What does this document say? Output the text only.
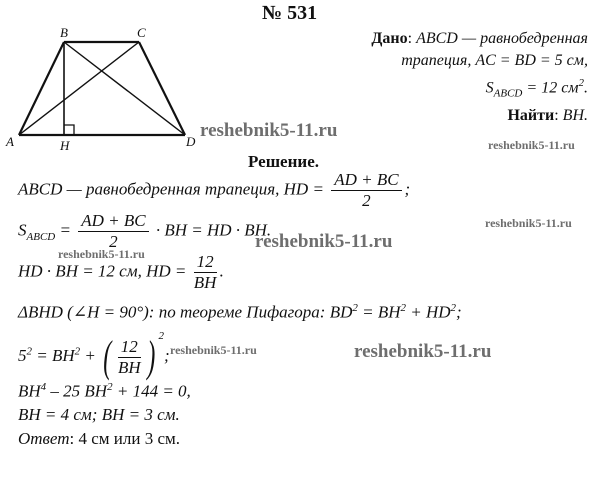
№ 531
B	C
A	H	D
Дано: ABCD — равнобедренная
трапеция, AC = BD = 5 см,
$S_{ABCD} = 12$ $см^2$.
Найти: BH.
reshebnik5-11.ru
reshebnik5-11.ru
reshebnik5-11.ru
reshebnik5-11.ru
reshebnik5-11.ru
reshebnik5-11.ru	reshebnik5-11.ru
Решение.
ABCD — равнобедренная трапеция, HD = $\frac{AD + BC}{2}$ ;
$S_{ABCD} = \frac{AD + BC}{2}$ · BH = HD · BH.
HD · BH = 12 см, HD = $\frac{12}{BH}$ .
ΔBHD (∠H = 90°): по теореме Пифагора: $BD^2 = BH^2 + HD^2$;
$5^2 = BH^2$ + ( $\frac{12}{BH}$ ) $^2$;
$BH^4 - 25$ $BH^2 + 144 = 0$,
BH = 4 см; BH = 3 см.
Ответ: 4 см или 3 см.
